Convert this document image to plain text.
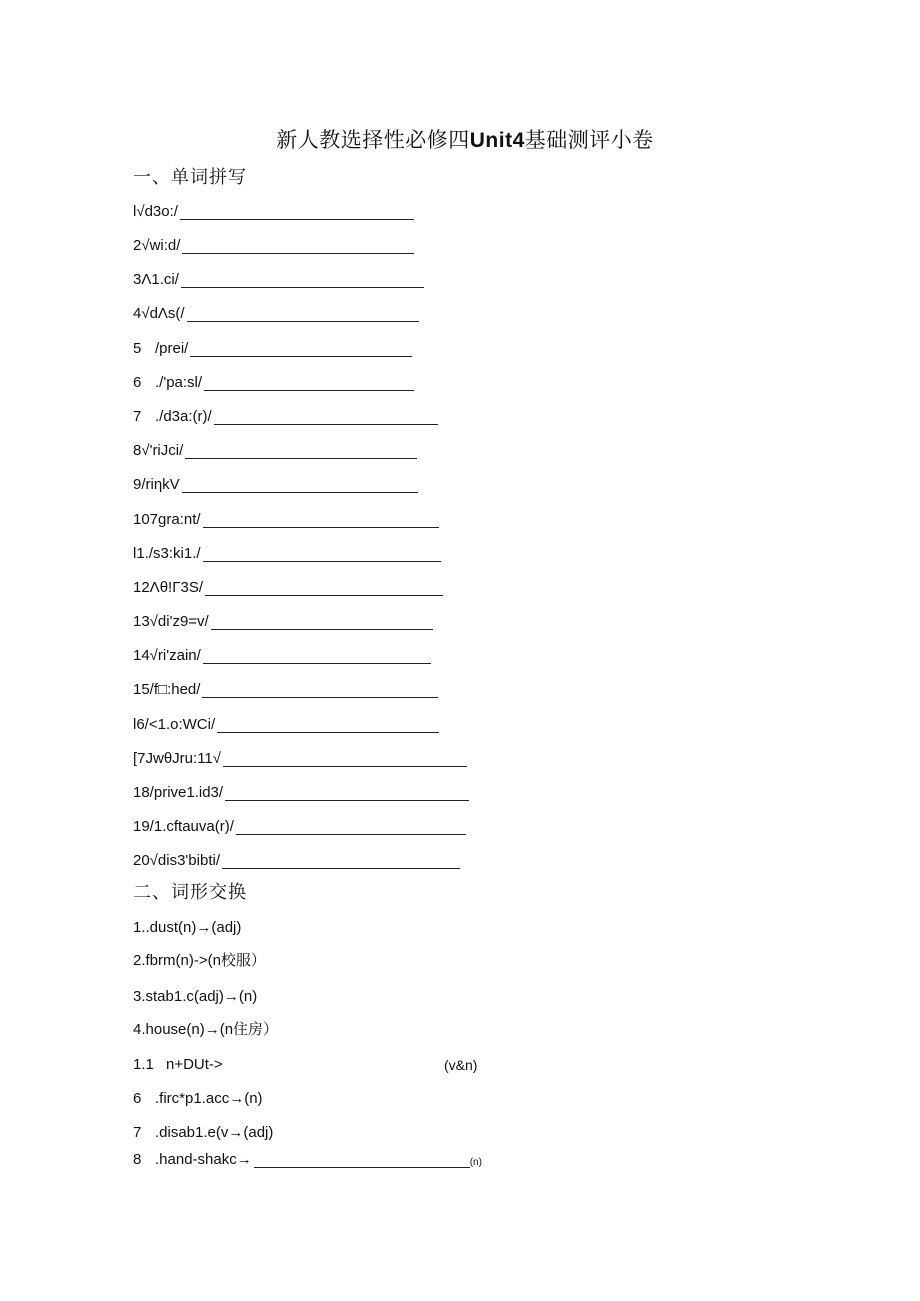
新人教选择性必修四Unit4基础测评小卷
一、单词拼写
l√d3o:/
2√wi:d/
3Λ1.ci/
4√dΛs(/
5 /prei/
6 ./'pa:sl/
7 ./d3a:(r)/
8√'riJci/
9/riηkV
107gra:nt/
l1./s3:ki1./
12Λθ!Γ3S/
13√di'z9=v/
14√ri'zain/
15/f□:hed/
l6/<1.o:WCi/
[7JwθJru:11√
18/prive1.id3/
19/1.cftauva(r)/
20√dis3'bibti/
二、词形交换
1..dust(n)→(adj)
2.fbrm(n)->(n校服）
3.stab1.c(adj)→(n)
4.house(n)→(n住房）
1.1 n+DUt->	(v&n)
6 .firc*p1.acc→(n)
7 .disab1.e(v→(adj)
8 .hand-shakc→	(n)
